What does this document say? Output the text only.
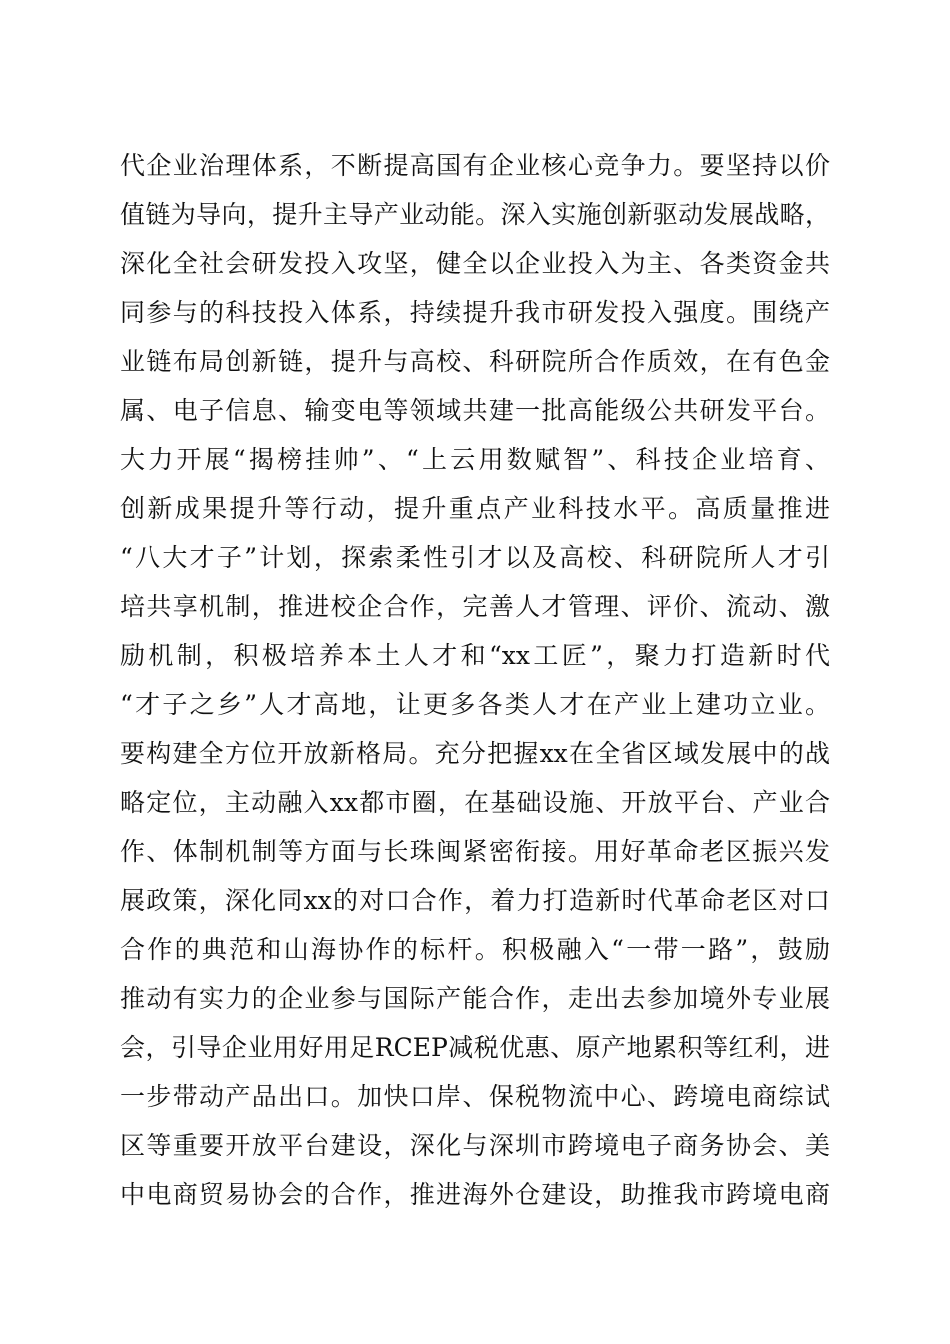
代企业治理体系，不断提高国有企业核心竞争力。要坚持以价
值链为导向，提升主导产业动能。深入实施创新驱动发展战略，
深化全社会研发投入攻坚，健全以企业投入为主、各类资金共
同参与的科技投入体系，持续提升我市研发投入强度。围绕产
业链布局创新链，提升与高校、科研院所合作质效，在有色金
属、电子信息、输变电等领域共建一批高能级公共研发平台。
大力开展“揭榜挂帅”、“上云用数赋智”、科技企业培育、
创新成果提升等行动，提升重点产业科技水平。高质量推进
“八大才子”计划，探索柔性引才以及高校、科研院所人才引
培共享机制，推进校企合作，完善人才管理、评价、流动、激
励机制，积极培养本土人才和“xx工匠”，聚力打造新时代
“才子之乡”人才高地，让更多各类人才在产业上建功立业。
要构建全方位开放新格局。充分把握xx在全省区域发展中的战
略定位，主动融入xx都市圈，在基础设施、开放平台、产业合
作、体制机制等方面与长珠闽紧密衔接。用好革命老区振兴发
展政策，深化同xx的对口合作，着力打造新时代革命老区对口
合作的典范和山海协作的标杆。积极融入“一带一路”，鼓励
推动有实力的企业参与国际产能合作，走出去参加境外专业展
会，引导企业用好用足RCEP减税优惠、原产地累积等红利，进
一步带动产品出口。加快口岸、保税物流中心、跨境电商综试
区等重要开放平台建设，深化与深圳市跨境电子商务协会、美
中电商贸易协会的合作，推进海外仓建设，助推我市跨境电商
